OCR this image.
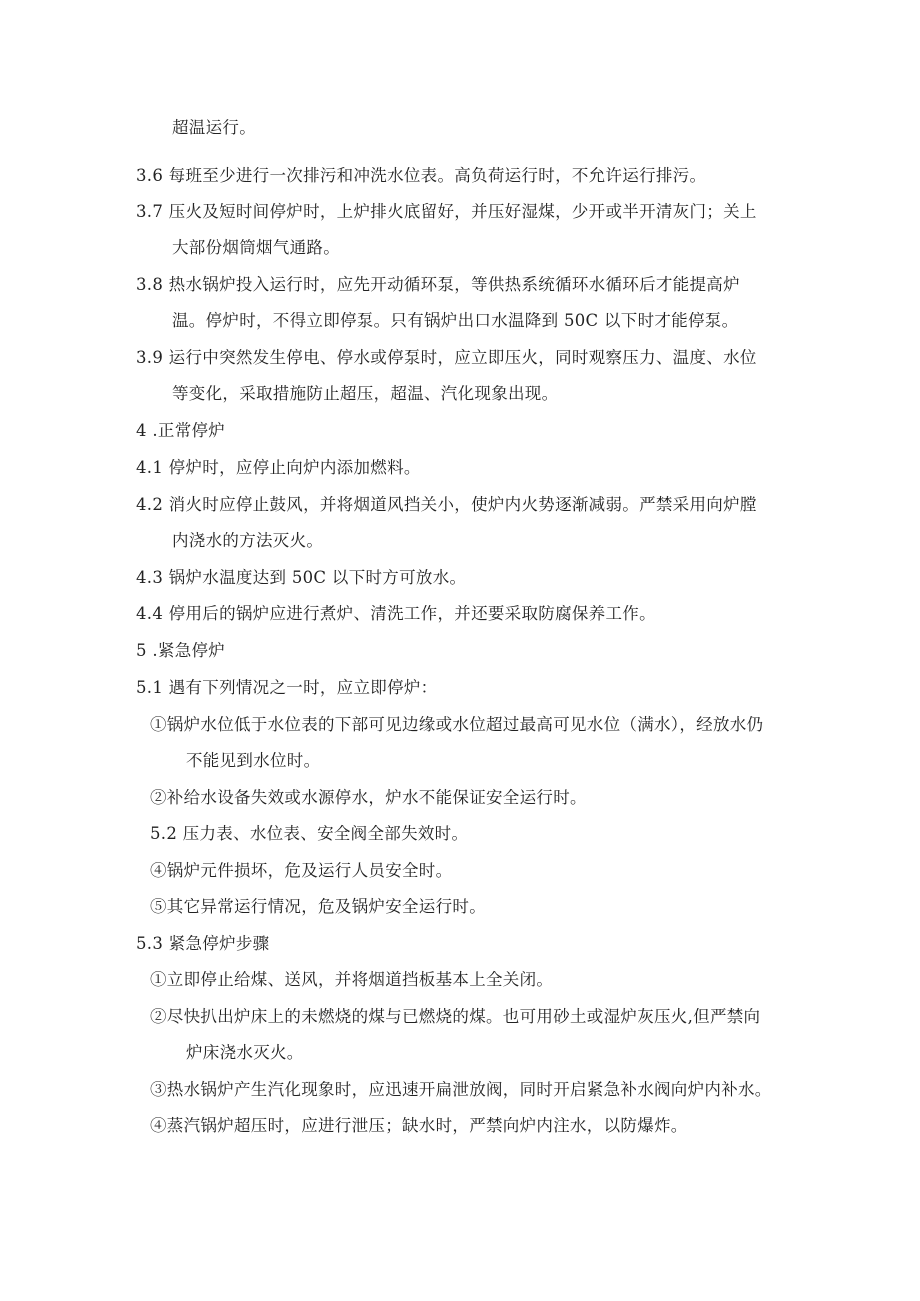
超温运行。
3.6 每班至少进行一次排污和冲洗水位表。高负荷运行时，不允许运行排污。
3.7 压火及短时间停炉时，上炉排火底留好，并压好湿煤，少开或半开清灰门；关上
大部份烟筒烟气通路。
3.8 热水锅炉投入运行时，应先开动循环泵，等供热系统循环水循环后才能提高炉
温。停炉时，不得立即停泵。只有锅炉出口水温降到 50C 以下时才能停泵。
3.9 运行中突然发生停电、停水或停泵时，应立即压火，同时观察压力、温度、水位
等变化，采取措施防止超压，超温、汽化现象出现。
4 .正常停炉
4.1 停炉时，应停止向炉内添加燃料。
4.2 消火时应停止鼓风，并将烟道风挡关小，使炉内火势逐渐减弱。严禁采用向炉膛
内浇水的方法灭火。
4.3 锅炉水温度达到 50C 以下时方可放水。
4.4 停用后的锅炉应进行煮炉、清洗工作，并还要采取防腐保养工作。
5 .紧急停炉
5.1 遇有下列情况之一时，应立即停炉：
①锅炉水位低于水位表的下部可见边缘或水位超过最高可见水位（满水），经放水仍
不能见到水位时。
②补给水设备失效或水源停水，炉水不能保证安全运行时。
5.2 压力表、水位表、安全阀全部失效时。
④锅炉元件损坏，危及运行人员安全时。
⑤其它异常运行情况，危及锅炉安全运行时。
5.3 紧急停炉步骤
①立即停止给煤、送风，并将烟道挡板基本上全关闭。
②尽快扒出炉床上的未燃烧的煤与已燃烧的煤。也可用砂土或湿炉灰压火,但严禁向
炉床浇水灭火。
③热水锅炉产生汽化现象时，应迅速开扁泄放阀，同时开启紧急补水阀向炉内补水。
④蒸汽锅炉超压时，应进行泄压；缺水时，严禁向炉内注水，以防爆炸。
